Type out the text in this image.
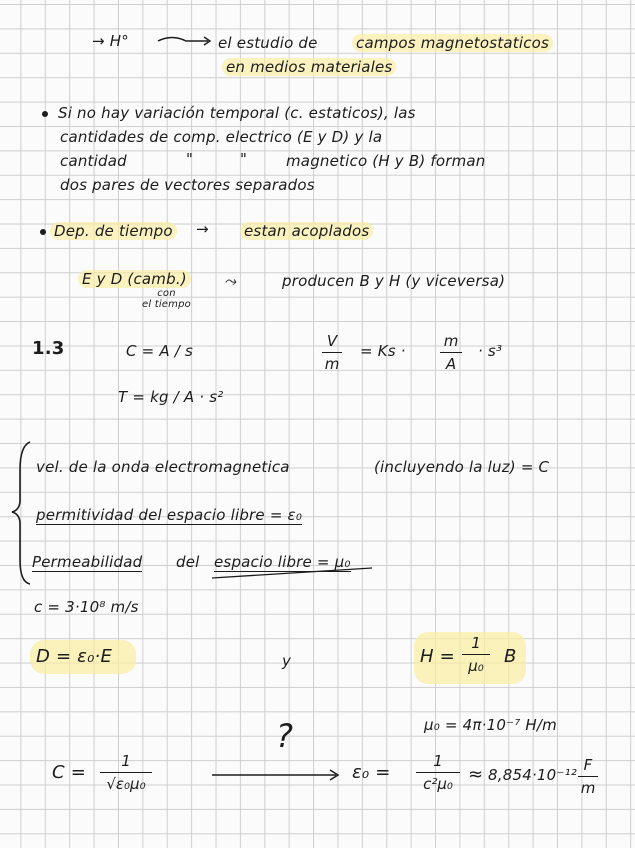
→ H°	el estudio de	campos magnetostaticos
en medios materiales
Si no hay variación temporal (c. estaticos), las
cantidades de comp. electrico (E y D) y la
cantidad	"	"	magnetico (H y B) forman
dos pares de vectores separados
Dep. de tiempo → estan acoplados
E y D (camb.)
con
el tiempo
⤳	producen B y H (y viceversa)
1.3	C = A / s
V
m
= Ks ·
m
A
· s³
T = kg / A · s²
vel. de la onda electromagnetica	(incluyendo la luz) = C
permitividad del espacio libre = ε₀
Permeabilidad del espacio libre = μ₀
c = 3·10⁸ m/s
D = ε₀·E	y	H =
1
μ₀ B
μ₀ = 4π·10⁻⁷ H/m
?
C =
1
√ε₀μ₀
ε₀ =
1
c²μ₀ ≈ 8,854·10⁻¹²
F
m
